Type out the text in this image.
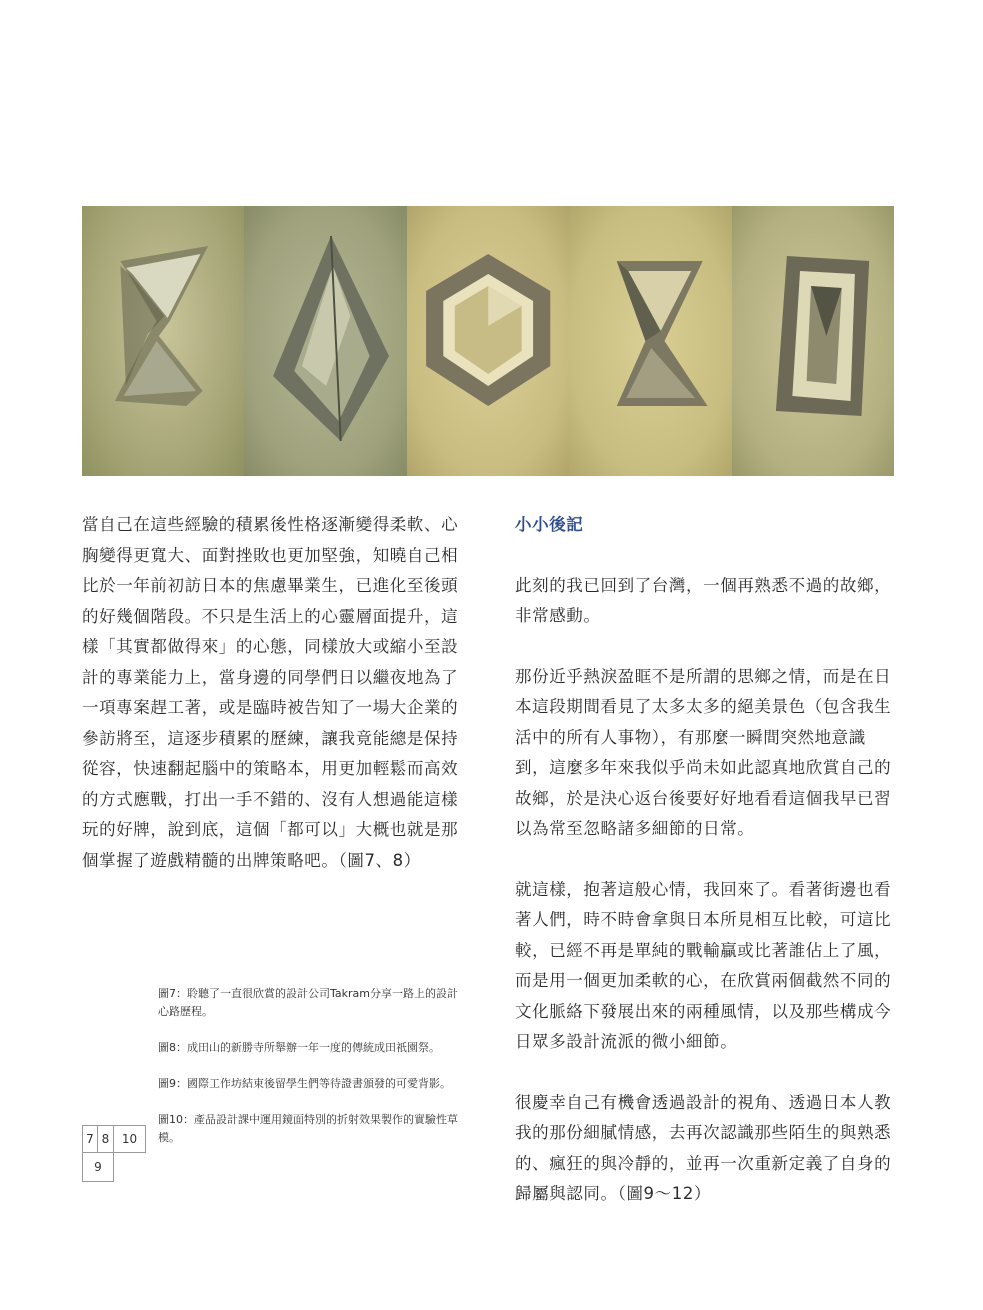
當自己在這些經驗的積累後性格逐漸變得柔軟、心胸變得更寬大、面對挫敗也更加堅強，知曉自己相比於一年前初訪日本的焦慮畢業生，已進化至後頭的好幾個階段。不只是生活上的心靈層面提升，這樣「其實都做得來」的心態，同樣放大或縮小至設計的專業能力上，當身邊的同學們日以繼夜地為了一項專案趕工著，或是臨時被告知了一場大企業的參訪將至，這逐步積累的歷練，讓我竟能總是保持從容，快速翻起腦中的策略本，用更加輕鬆而高效的方式應戰，打出一手不錯的、沒有人想過能這樣玩的好牌，說到底，這個「都可以」大概也就是那個掌握了遊戲精髓的出牌策略吧。（圖7、8）

小小後記

此刻的我已回到了台灣，一個再熟悉不過的故鄉，非常感動。

那份近乎熱淚盈眶不是所謂的思鄉之情，而是在日本這段期間看見了太多太多的絕美景色（包含我生活中的所有人事物），有那麼一瞬間突然地意識到，這麼多年來我似乎尚未如此認真地欣賞自己的故鄉，於是決心返台後要好好地看看這個我早已習以為常至忽略諸多細節的日常。

就這樣，抱著這般心情，我回來了。看著街邊也看著人們，時不時會拿與日本所見相互比較，可這比較，已經不再是單純的戰輸贏或比著誰佔上了風，而是用一個更加柔軟的心，在欣賞兩個截然不同的文化脈絡下發展出來的兩種風情，以及那些構成今日眾多設計流派的微小細節。

很慶幸自己有機會透過設計的視角、透過日本人教我的那份細膩情感，去再次認識那些陌生的與熟悉的、瘋狂的與冷靜的，並再一次重新定義了自身的歸屬與認同。（圖9～12）

圖7：聆聽了一直很欣賞的設計公司Takram分享一路上的設計心路歷程。

圖8：成田山的新勝寺所舉辦一年一度的傳統成田祇園祭。

圖9：國際工作坊結束後留學生們等待證書頒發的可愛背影。

圖10：產品設計課中運用鏡面特別的折射效果製作的實驗性草模。

7 8	10
9
